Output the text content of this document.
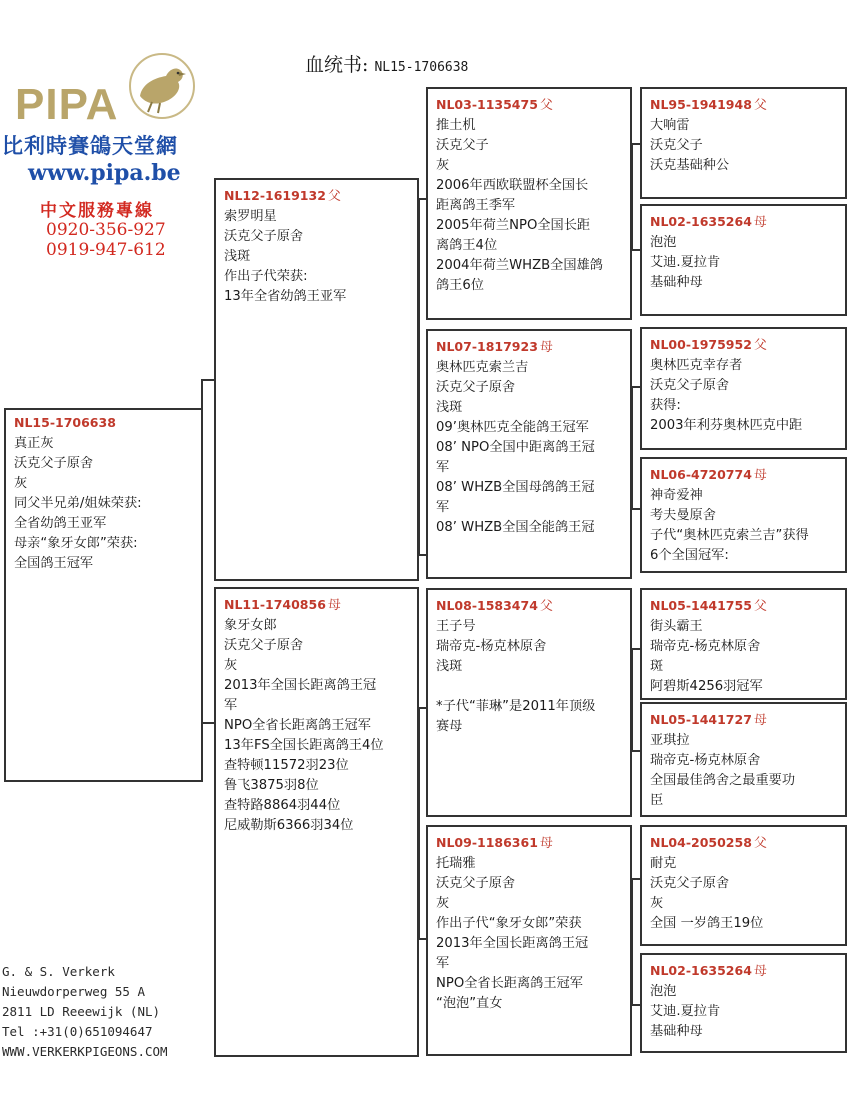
血统书: NL15-1706638
PIPA
比利時賽鴿天堂網
www.pipa.be
中文服務專線
0920-356-927
0919-947-612
NL15-1706638
真正灰
沃克父子原舍
灰
同父半兄弟/姐妹荣获:
全省幼鸽王亚军
母亲“象牙女郎”荣获:
全国鸽王冠军
NL12-1619132 父
索罗明星
沃克父子原舍
浅斑
作出子代荣获:
13年全省幼鸽王亚军
NL11-1740856 母
象牙女郎
沃克父子原舍
灰
2013年全国长距离鸽王冠
军
NPO全省长距离鸽王冠军
13年FS全国长距离鸽王4位
查特顿11572羽23位
鲁飞3875羽8位
查特路8864羽44位
尼威勒斯6366羽34位
NL03-1135475 父
推土机
沃克父子
灰
2006年西欧联盟杯全国长
距离鸽王季军
2005年荷兰NPO全国长距
离鸽王4位
2004年荷兰WHZB全国雄鸽
鸽王6位
NL07-1817923 母
奥林匹克索兰吉
沃克父子原舍
浅斑
09’奥林匹克全能鸽王冠军
08’ NPO全国中距离鸽王冠
军
08’ WHZB全国母鸽鸽王冠
军
08’ WHZB全国全能鸽王冠
NL08-1583474 父
王子号
瑞帝克-杨克林原舍
浅斑

*子代“菲琳”是2011年顶级
赛母
NL09-1186361 母
托瑞雅
沃克父子原舍
灰
作出子代“象牙女郎”荣获
2013年全国长距离鸽王冠
军
NPO全省长距离鸽王冠军
“泡泡”直女
NL95-1941948 父
大响雷
沃克父子
沃克基础种公
NL02-1635264 母
泡泡
艾迪.夏拉肯
基础种母
NL00-1975952 父
奥林匹克幸存者
沃克父子原舍
获得:
2003年利芬奥林匹克中距
NL06-4720774 母
神奇爱神
考夫曼原舍
子代“奥林匹克索兰吉”获得
6个全国冠军:
NL05-1441755 父
街头霸王
瑞帝克-杨克林原舍
斑
阿碧斯4256羽冠军
NL05-1441727 母
亚琪拉
瑞帝克-杨克林原舍
全国最佳鸽舍之最重要功
臣
NL04-2050258 父
耐克
沃克父子原舍
灰
全国 一岁鸽王19位
NL02-1635264 母
泡泡
艾迪.夏拉肯
基础种母
G. & S. Verkerk
Nieuwdorperweg 55 A
2811 LD Reeewijk (NL)
Tel :+31(0)651094647
WWW.VERKERKPIGEONS.COM
